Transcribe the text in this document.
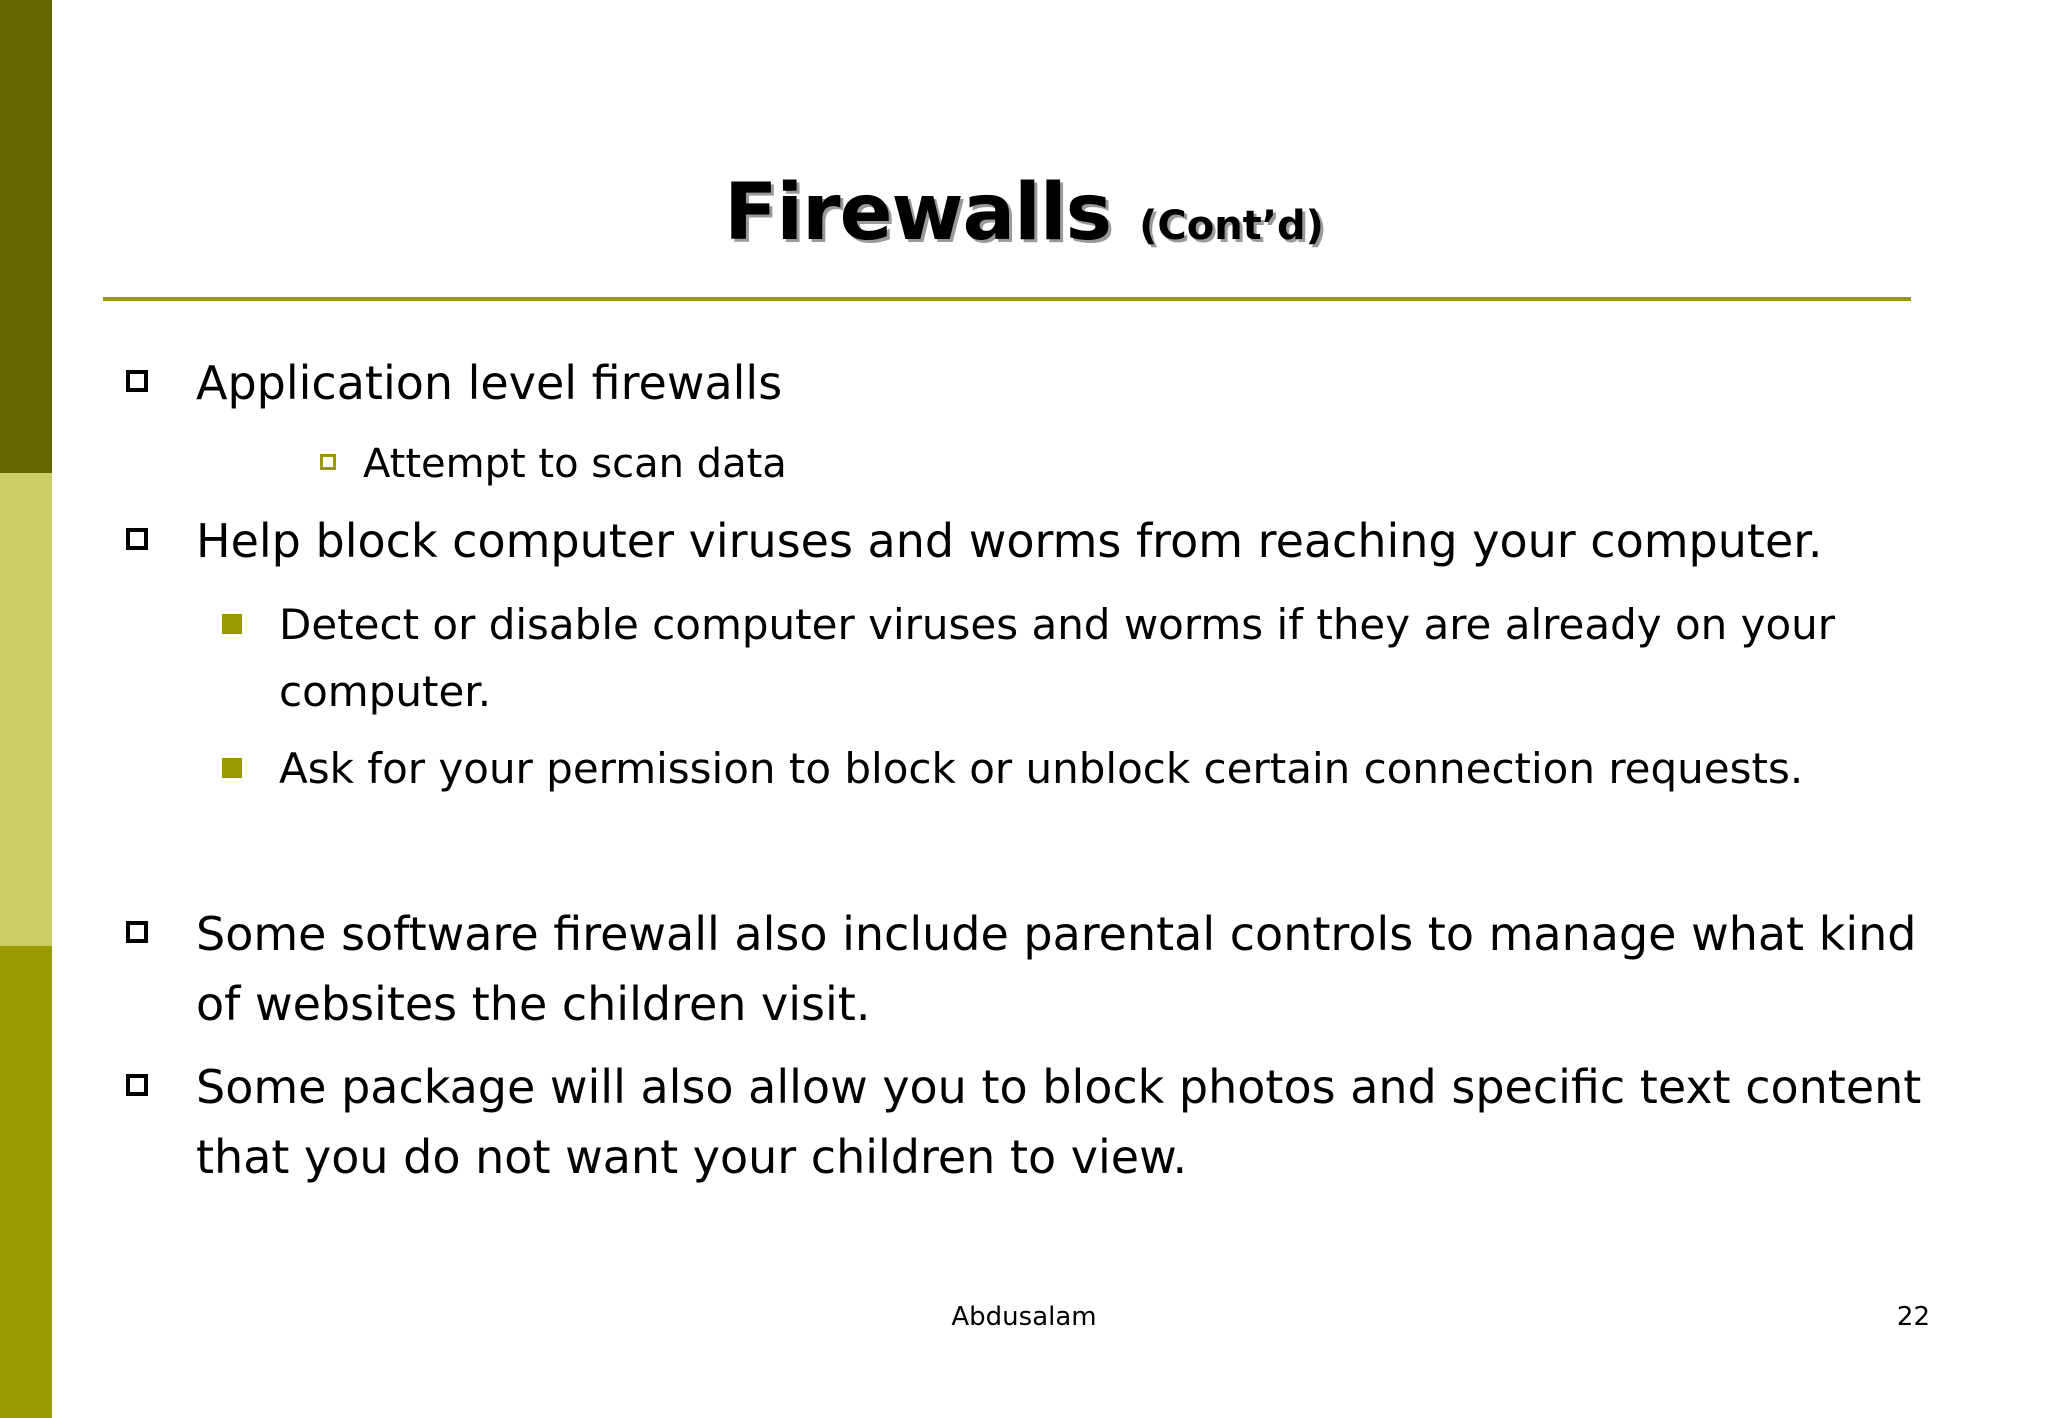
Firewalls (Cont’d)
Application level firewalls
Attempt to scan data
Help block computer viruses and worms from reaching your computer.
Detect or disable computer viruses and worms if they are already on your
computer.
Ask for your permission to block or unblock certain connection requests.
Some software firewall also include parental controls to manage what kind
of websites the children visit.
Some package will also allow you to block photos and specific text content
that you do not want your children to view.
Abdusalam	22
